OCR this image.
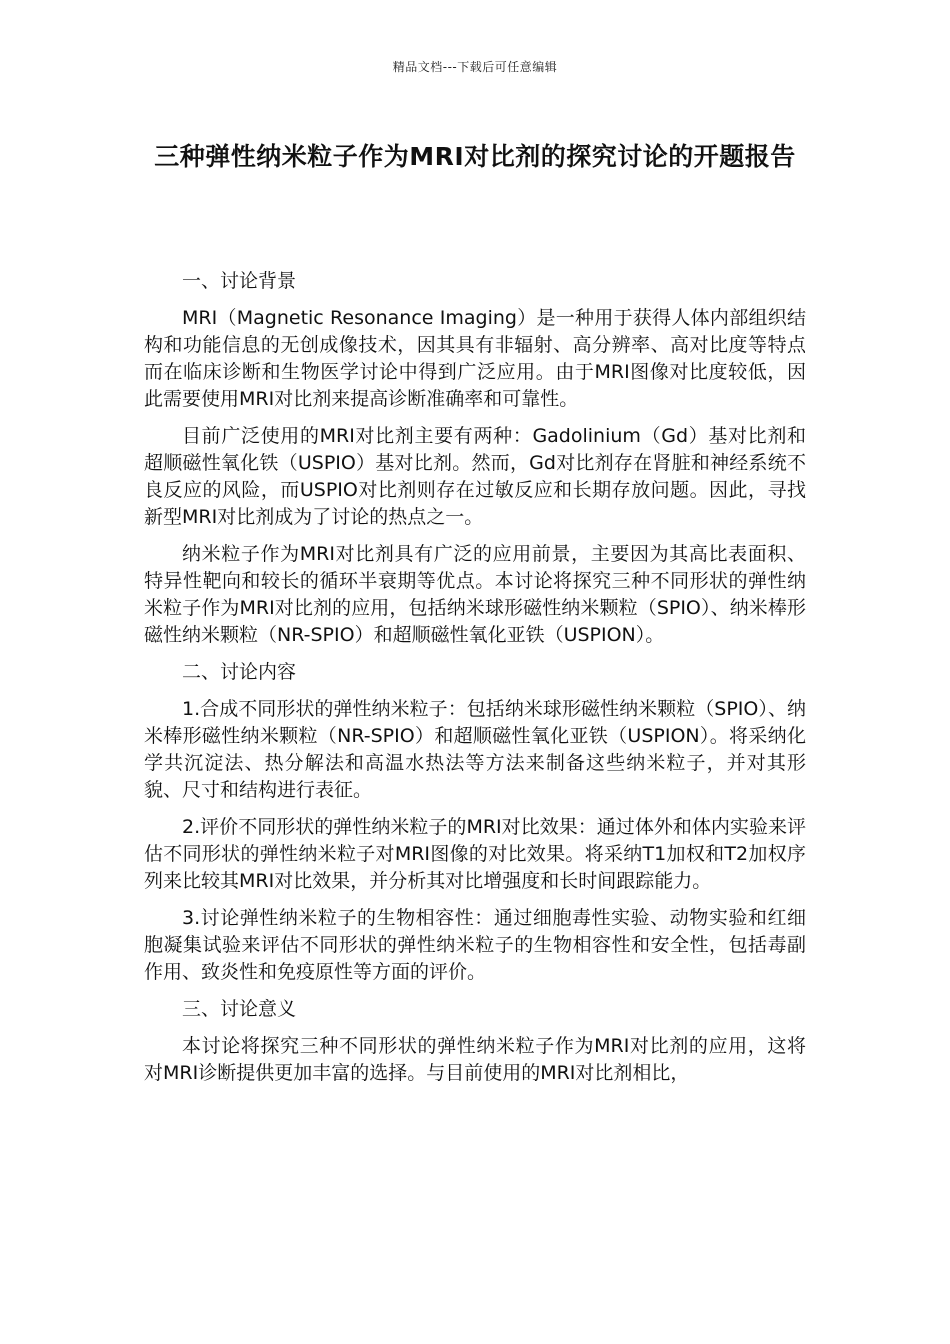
精品文档---下载后可任意编辑
三种弹性纳米粒子作为MRI对比剂的探究讨论的开题报告

一、讨论背景

MRI（Magnetic Resonance Imaging）是一种用于获得人体内部组织结构和功能信息的无创成像技术，因其具有非辐射、高分辨率、高对比度等特点而在临床诊断和生物医学讨论中得到广泛应用。由于MRI图像对比度较低，因此需要使用MRI对比剂来提高诊断准确率和可靠性。

目前广泛使用的MRI对比剂主要有两种：Gadolinium（Gd）基对比剂和超顺磁性氧化铁（USPIO）基对比剂。然而，Gd对比剂存在肾脏和神经系统不良反应的风险，而USPIO对比剂则存在过敏反应和长期存放问题。因此，寻找新型MRI对比剂成为了讨论的热点之一。

纳米粒子作为MRI对比剂具有广泛的应用前景，主要因为其高比表面积、特异性靶向和较长的循环半衰期等优点。本讨论将探究三种不同形状的弹性纳米粒子作为MRI对比剂的应用，包括纳米球形磁性纳米颗粒（SPIO）、纳米棒形磁性纳米颗粒（NR-SPIO）和超顺磁性氧化亚铁（USPION）。

二、讨论内容

1.合成不同形状的弹性纳米粒子：包括纳米球形磁性纳米颗粒（SPIO）、纳米棒形磁性纳米颗粒（NR-SPIO）和超顺磁性氧化亚铁（USPION）。将采纳化学共沉淀法、热分解法和高温水热法等方法来制备这些纳米粒子，并对其形貌、尺寸和结构进行表征。

2.评价不同形状的弹性纳米粒子的MRI对比效果：通过体外和体内实验来评估不同形状的弹性纳米粒子对MRI图像的对比效果。将采纳T1加权和T2加权序列来比较其MRI对比效果，并分析其对比增强度和长时间跟踪能力。

3.讨论弹性纳米粒子的生物相容性：通过细胞毒性实验、动物实验和红细胞凝集试验来评估不同形状的弹性纳米粒子的生物相容性和安全性，包括毒副作用、致炎性和免疫原性等方面的评价。

三、讨论意义

本讨论将探究三种不同形状的弹性纳米粒子作为MRI对比剂的应用，这将对MRI诊断提供更加丰富的选择。与目前使用的MRI对比剂相比，
